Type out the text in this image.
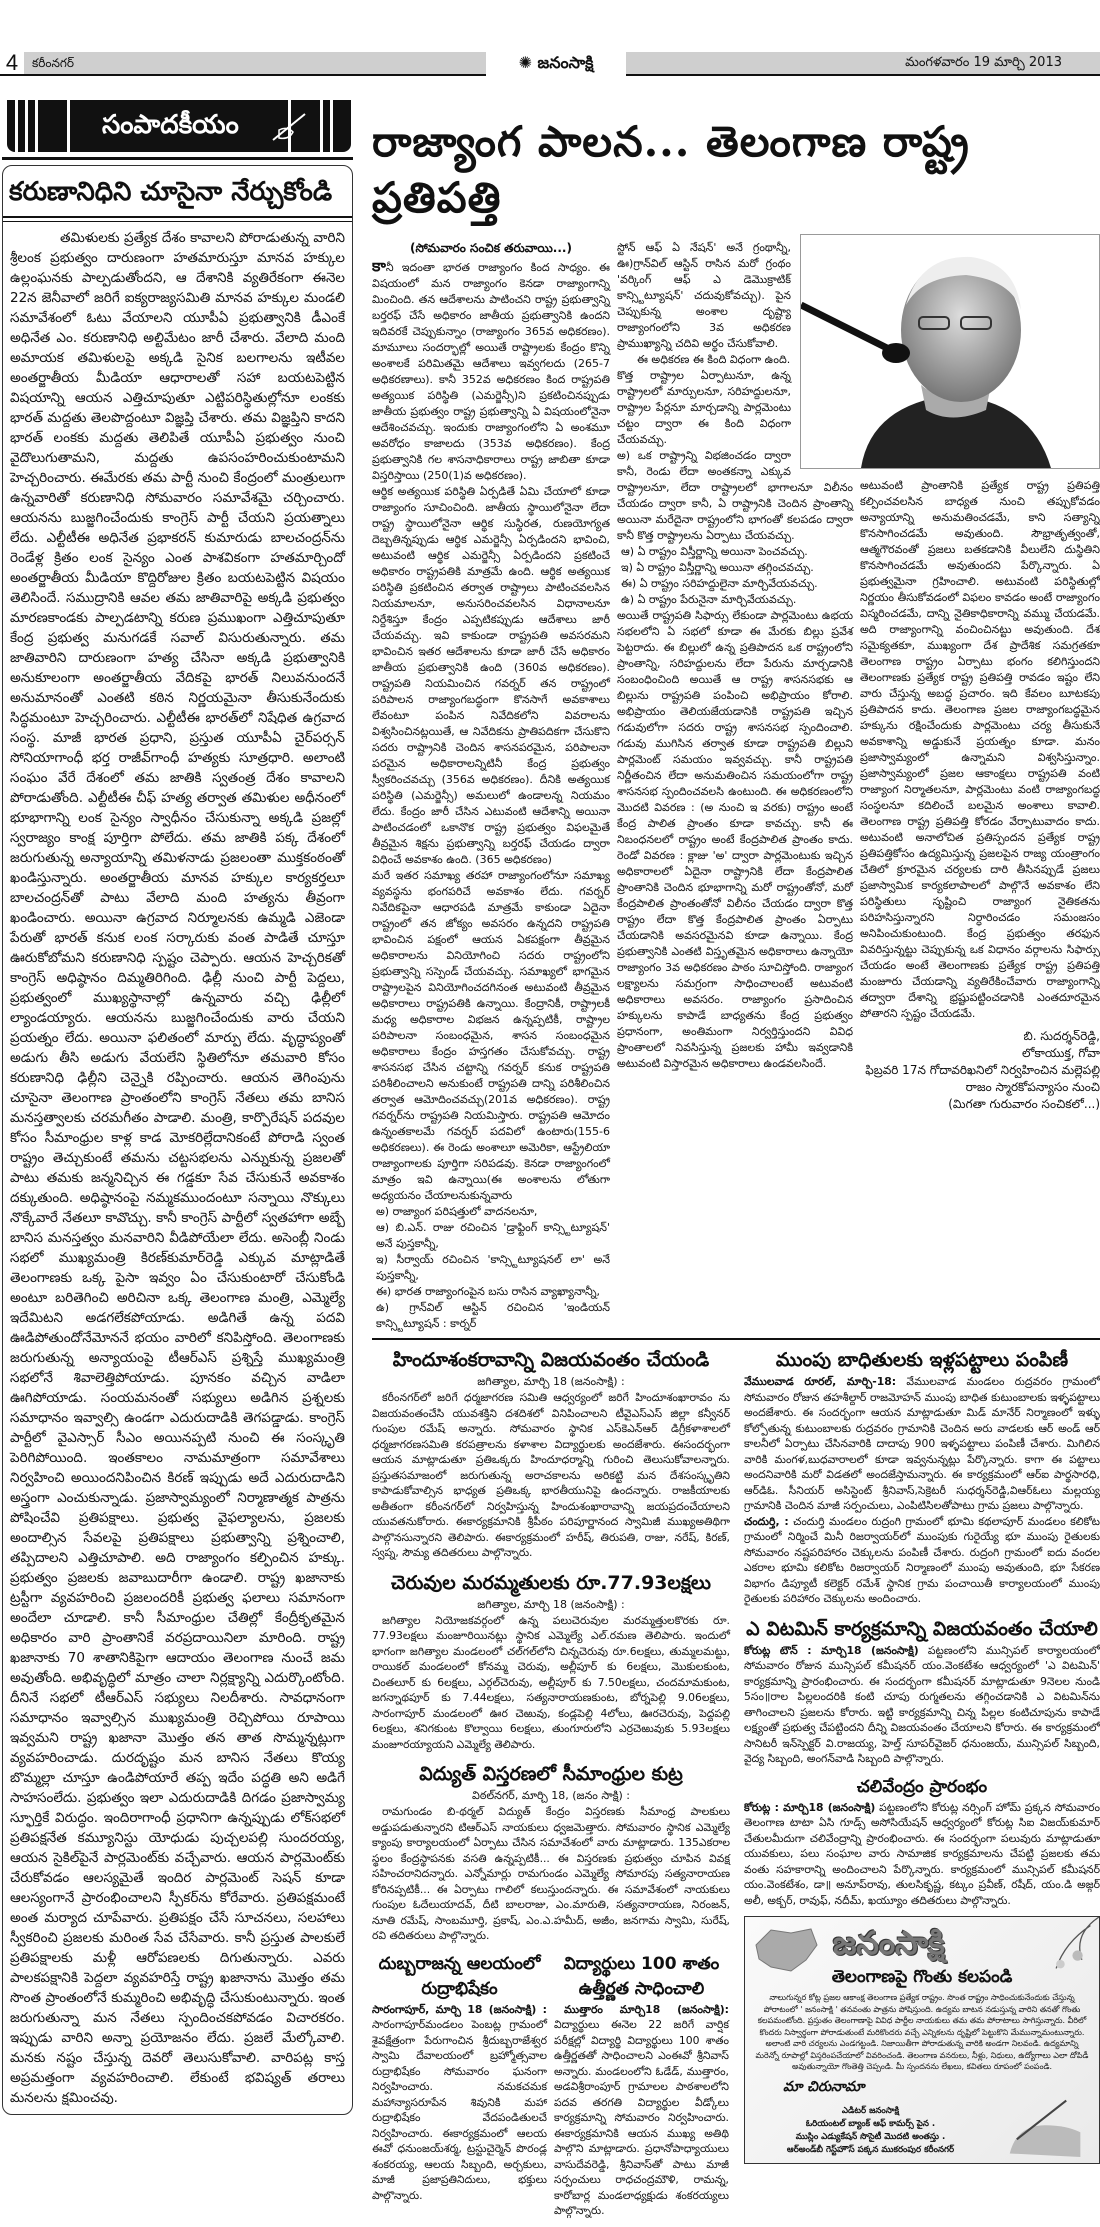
4	కరీంనగర్	✺ జనంసాక్షి	మంగళవారం 19 మార్చి 2013
సంపాదకీయం
కరుణానిధిని చూసైనా నేర్చుకోండి

తమిళులకు ప్రత్యేక దేశం కావాలని పోరాడుతున్న వారిని శ్రీలంక ప్రభుత్వం దారుణంగా హతమారుస్తూ మానవ హక్కుల ఉల్లంఘనకు పాల్పడుతోందని, ఆ దేశానికి వ్యతిరేకంగా ఈనెల 22న జెనీవాలో జరిగే ఐక్యరాజ్యసమితి మానవ హక్కుల మండలి సమావేశంలో ఓటు వేయాలని యూపీఏ ప్రభుత్వానికి డీఎంకే అధినేత ఎం. కరుణానిధి అల్టిమేటం జారీ చేశారు. వేలాది మంది అమాయక తమిళులపై అక్కడి సైనిక బలగాలను ఇటీవల అంతర్జాతీయ మీడియా ఆధారాలతో సహా బయటపెట్టిన విషయాన్ని ఆయన ఎత్తిచూపుతూ ఎట్టిపరిస్థితుల్లోనూ లంకకు భారత్ మద్దతు తెలపొద్దంటూ విజ్ఞప్తి చేశారు. తమ విజ్ఞప్తిని కాదని భారత్ లంకకు మద్దతు తెలిపితే యూపీఏ ప్రభుత్వం నుంచి వైదొలుగుతామని, మద్దతు ఉపసంహరించుకుంటామని హెచ్చరించారు. ఈమేరకు తమ పార్టీ నుంచి కేంద్రంలో మంత్రులుగా ఉన్నవారితో కరుణానిధి సోమవారం సమావేశమై చర్చించారు. ఆయనను బుజ్జగించేందుకు కాంగ్రెస్ పార్టీ చేయని ప్రయత్నాలు లేదు. ఎల్టీటీఈ అధినేత ప్రభాకరన్ కుమారుడు బాలచంద్రన్‌ను రెండేళ్ల క్రితం లంక సైన్యం ఎంత పాశవికంగా హతమార్చిందో అంతర్జాతీయ మీడియా కొద్దిరోజుల క్రితం బయటపెట్టిన విషయం తెలిసిందే. సముద్రానికి ఆవల తమ జాతివారిపై అక్కడి ప్రభుత్వం మారణకాండకు పాల్పడటాన్ని కరుణ ప్రముఖంగా ఎత్తిచూపుతూ కేంద్ర ప్రభుత్వ మనుగడకే సవాల్ విసురుతున్నారు. తమ జాతివారిని దారుణంగా హత్య చేసినా అక్కడి ప్రభుత్వానికి అనుకూలంగా అంతర్జాతీయ వేదికపై భారత్ నిలువనుందనే అనుమానంతో ఎంతటి కఠిన నిర్ణయమైనా తీసుకునేందుకు సిద్ధమంటూ హెచ్చరించారు. ఎల్టీటీఈ భారత్‌లో నిషేధిత ఉగ్రవాద సంస్థ. మాజీ భారత ప్రధాని, ప్రస్తుత యూపీఏ చైర్‌పర్సన్ సోనియాగాంధీ భర్త రాజీవ్‌గాంధీ హత్యకు సూత్రధారి. అలాంటి సంఘం వేరే దేశంలో తమ జాతికి స్వతంత్ర దేశం కావాలని పోరాడుతోంది. ఎల్టీటీఈ చీఫ్ హత్య తర్వాత తమిళుల అధీనంలో భూభాగాన్ని లంక సైన్యం స్వాధీనం చేసుకున్నా అక్కడి ప్రజల్లో స్వరాజ్యం కాంక్ష పూర్తిగా పోలేదు. తమ జాతికి పక్క దేశంలో జరుగుతున్న అన్యాయాన్ని తమిళనాడు ప్రజలంతా ముక్తకంఠంతో ఖండిస్తున్నారు. అంతర్జాతీయ మానవ హక్కుల కార్యకర్తలూ బాలచంద్రన్‌తో పాటు వేలాది మంది హత్యను తీవ్రంగా ఖండించారు. అయినా ఉగ్రవాద నిర్మూలనకు ఉమ్మడి ఎజెండా పేరుతో భారత్ కనుక లంక సర్కారుకు వంత పాడితే చూస్తూ ఊరుకోబోమని కరుణానిధి స్పష్టం చెప్పారు. ఆయన హెచ్చరికతో కాంగ్రెస్ అధిష్ఠానం దిమ్మతిరిగింది. ఢిల్లీ నుంచి పార్టీ పెద్దలు, ప్రభుత్వంలో ముఖ్యస్థానాల్లో ఉన్నవారు వచ్చి ఢిల్లీలో ల్యాండయ్యారు. ఆయనను బుజ్జగించేందుకు వారు చేయని ప్రయత్నం లేదు. అయినా ఫలితంలో మార్పు లేదు. వృద్ధాప్యంతో అడుగు తీసి అడుగు వేయలేని స్థితిలోనూ తమవారి కోసం కరుణానిధి ఢిల్లీని చెన్నైకి రప్పించారు. ఆయన తెగింపును చూసైనా తెలంగాణ ప్రాంతంలోని కాంగ్రెస్ నేతలు తమ బానిస మనస్తత్వాలకు చరమగీతం పాడాలి. మంత్రి, కార్పొరేషన్ పదవుల కోసం సీమాంధ్రుల కాళ్ల కాడ మోకరిల్లేదానికంటే పోరాడి స్వంత రాష్ట్రం తెచ్చుకుంటే తమను చట్టసభలను ఎన్నుకున్న ప్రజలతో పాటు తమకు జన్మనిచ్చిన ఈ గడ్డకూ సేవ చేసుకునే అవకాశం దక్కుతుంది. అధిష్ఠానంపై నమ్మకముందంటూ సన్నాయి నొక్కులు నొక్కేవారే నేతలూ కావొచ్చు. కానీ కాంగ్రెస్ పార్టీలో స్వతహాగా అబ్బే బానిస మనస్తత్వం మనవారిని వీడిపోయేలా లేదు. అసెంబ్లీ నిండు సభలో ముఖ్యమంత్రి కిరణ్‌కుమార్‌రెడ్డి ఎక్కువ మాట్లాడితే తెలంగాణకు ఒక్క పైసా ఇవ్వం ఏం చేసుకుంటారో చేసుకోండి అంటూ బరితెగించి అరిచినా ఒక్క తెలంగాణ మంత్రి, ఎమ్మెల్యే ఇదేమిటని అడగలేకపోయాడు. అడిగితే ఉన్న పదవి ఊడిపోతుందోనేమోననే భయం వారిలో కనిపిస్తోంది. తెలంగాణకు జరుగుతున్న అన్యాయంపై టీఆర్‌ఎస్ ప్రశ్నిస్తే ముఖ్యమంత్రి సభలోనే శివాలెత్తిపోయాడు. పూనకం వచ్చిన వాడిలా ఊగిపోయాడు. సంయమనంతో సభ్యులు అడిగిన ప్రశ్నలకు సమాధానం ఇవ్వాల్సి ఉండగా ఎదురుదాడికి తెగపడ్డాడు. కాంగ్రెస్ పార్టీలో వైఎస్సార్ సీఎం అయినప్పటి నుంచి ఈ సంస్కృతి పెరిగిపోయింది. ఇంతకాలం నామమాత్రంగా సమావేశాలు నిర్వహించి అయిందనిపించిన కిరణ్ ఇప్పుడు అదే ఎదురుదాడిని అస్త్రంగా ఎంచుకున్నాడు. ప్రజాస్వామ్యంలో నిర్మాణాత్మక పాత్రను పోషించేవి ప్రతిపక్షాలు. ప్రభుత్వ వైఫల్యాలను, ప్రజలకు అందాల్సిన సేవలపై ప్రతిపక్షాలు ప్రభుత్వాన్ని ప్రశ్నించాలి, తప్పిదాలని ఎత్తిచూపాలి. అది రాజ్యాంగం కల్పించిన హక్కు. ప్రభుత్వం ప్రజలకు జవాబుదారీగా ఉండాలి. రాష్ట్ర ఖజానాకు ట్రస్టీగా వ్యవహరించి ప్రజలందరికీ ప్రభుత్వ ఫలాలు సమానంగా అందేలా చూడాలి. కానీ సీమాంధ్రుల చేతిల్లో కేంద్రీకృతమైన అధికారం వారి ప్రాంతానికే వరప్రదాయినిలా మారింది. రాష్ట్ర ఖజానాకు 70 శాతానికిపైగా ఆదాయం తెలంగాణ నుంచే జమ అవుతోంది. అభివృద్ధిలో మాత్రం చాలా నిర్లక్ష్యాన్ని ఎదుర్కొంటోంది. దీనినే సభలో టీఆర్‌ఎస్ సభ్యులు నిలదీశారు. సావధానంగా సమాధానం ఇవ్వాల్సిన ముఖ్యమంత్రి రెచ్చిపోయి రూపాయి ఇవ్వమని రాష్ట్ర ఖజానా మొత్తం తన తాత సొమ్మన్నట్లుగా వ్యవహరించాడు. దురదృష్టం మన బానిస నేతలు కొయ్య బొమ్మల్లా చూస్తూ ఉండిపోయారే తప్ప ఇదేం పద్ధతి అని అడిగే సాహసంలేదు. ప్రభుత్వం ఇలా ఎదురుదాడికి దిగడం ప్రజాస్వామ్య స్ఫూర్తికే విరుద్ధం. ఇందిరాగాంధీ ప్రధానిగా ఉన్నప్పుడు లోక్‌సభలో ప్రతిపక్షనేత కమ్యూనిస్టు యోధుడు పుచ్చలపల్లి సుందరయ్య, ఆయన సైకిల్‌పైనే పార్లమెంట్‌కు వచ్చేవారు. ఆయన పార్లమెంట్‌కు చేరుకోవడం ఆలస్యమైతే ఇందిర పార్లమెంట్ సెషన్ కూడా ఆలస్యంగానే ప్రారంభించాలని స్పీకర్‌ను కోరేవారు. ప్రతిపక్షమంటే అంత మర్యాద చూపేవారు. ప్రతిపక్షం చేసే సూచనలు, సలహాలు స్వీకరించి ప్రజలకు మరింత సేవ చేసేవారు. కానీ ప్రస్తుత పాలకులే ప్రతిపక్షాలకు మళ్లీ ఆరోపణలకు దిగుతున్నారు. ఎవరు పాలకపక్షానికి పెద్దలా వ్యవహరిస్తే రాష్ట్ర ఖజానాను మొత్తం తమ సొంత ప్రాంతంలోనే కుమ్మరించి అభివృద్ధి చేసుకుంటున్నారు. ఇంత జరుగుతున్నా మన నేతలు స్పందించకపోవడం విచారకరం. ఇప్పుడు వారిని అన్నా ప్రయోజనం లేదు. ప్రజలే మేల్కోవాలి. మనకు నష్టం చేస్తున్న దెవరో తెలుసుకోవాలి. వారిపట్ల కాస్త అప్రమత్తంగా వ్యవహరించాలి. లేకుంటే భవిష్యత్ తరాలు మనలను క్షమించవు.

రాజ్యాంగ పాలన... తెలంగాణ రాష్ట్ర ప్రతిపత్తి

(సోమవారం సంచిక తరువాయి...)

కానీ ఇదంతా భారత రాజ్యాంగం కింద సాధ్యం. ఈ విషయంలో మన రాజ్యాంగం కెనడా రాజ్యాంగాన్ని మించింది. తన ఆదేశాలను పాటించని రాష్ట్ర ప్రభుత్వాన్ని బర్తరఫ్ చేసే అధికారం జాతీయ ప్రభుత్వానికి ఉందని ఇదివరకే చెప్పుకున్నాం (రాజ్యాంగం 365వ అధికరణం). మామూలు సందర్భాల్లో అయితే రాష్ట్రాలకు కేంద్రం కొన్ని అంశాలకే పరిమితమై ఆదేశాలు ఇవ్వగలదు (265-7 అధికరణాలు). కానీ 352వ అధికరణం కింద రాష్ట్రపతి అత్యయిక పరిస్థితి (ఎమర్జెన్సీ)ని ప్రకటించినప్పుడు జాతీయ ప్రభుత్వం రాష్ట్ర ప్రభుత్వాన్ని ఏ విషయంలోనైనా ఆదేశించవచ్చు. ఇందుకు రాజ్యాంగంలోని ఏ అంశమూ అవరోధం కాజాలదు (353వ అధికరణం). కేంద్ర ప్రభుత్వానికి గల శాసనాధికారాలు రాష్ట్ర జాబితా కూడా విస్తరిస్తాయి (250(1)వ అధికరణం).

ఆర్థిక అత్యయిక పరిస్థితి ఏర్పడితే ఏమి చేయాలో కూడా రాజ్యాంగం సూచించింది. జాతీయ స్థాయిలోనైనా లేదా రాష్ట్ర స్థాయిలోనైనా ఆర్థిక సుస్థిరత, రుణయోగ్యత దెబ్బతిన్నప్పుడు ఆర్థిక ఎమర్జెన్సీ ఏర్పడిందని భావించి, అటువంటి ఆర్థిక ఎమర్జెన్సీ ఏర్పడిందని ప్రకటించే అధికారం రాష్ట్రపతికి మాత్రమే ఉంది. ఆర్థిక అత్యయిక పరిస్థితి ప్రకటించిన తర్వాత రాష్ట్రాలు పాటించవలసిన నియమాలనూ, అనుసరించవలసిన విధానాలనూ నిర్దేశిస్తూ కేంద్రం ఎప్పటికప్పుడు ఆదేశాలు జారీ చేయవచ్చు. ఇవి కాకుండా రాష్ట్రపతి అవసరమని భావించిన ఇతర ఆదేశాలను కూడా జారీ చేసే అధికారం జాతీయ ప్రభుత్వానికి ఉంది (360వ అధికరణం). రాష్ట్రపతి నియమించిన గవర్నర్ తన రాష్ట్రంలో పరిపాలన రాజ్యాంగబద్ధంగా కొనసాగే అవకాశాలు లేవంటూ పంపిన నివేదికలోని వివరాలను విశ్వసించినట్లయితే, ఆ నివేదికను ప్రాతిపదికగా చేసుకొని సదరు రాష్ట్రానికి చెందిన శాసనపరమైన, పరిపాలనా పరమైన అధికారాలన్నిటినీ కేంద్ర ప్రభుత్వం స్వీకరించవచ్చు (356వ అధికరణం). దీనికి అత్యయిక పరిస్థితి (ఎమర్జెన్సీ) అమలులో ఉండాలన్న నియమం లేదు. కేంద్రం జారీ చేసిన ఎటువంటి ఆదేశాన్ని అయినా పాటించడంలో ఒకానొక రాష్ట్ర ప్రభుత్వం విఫలమైతే తీవ్రమైన శిక్షను ప్రభుత్వాన్ని బర్తరఫ్ చేయడం ద్వారా విధించే అవకాశం ఉంది. (365 అధికరణం)

మరే ఇతర సమాఖ్య తరహా రాజ్యాంగంలోనూ సమాఖ్య వ్యవస్థను భంగపరిచే అవకాశం లేదు. గవర్నర్ నివేదికపైనా ఆధారపడి మాత్రమే కాకుండా ఏదైనా రాష్ట్రంలో తన జోక్యం అవసరం ఉన్నదని రాష్ట్రపతి భావించిన పక్షంలో ఆయన ఏకపక్షంగా తీవ్రమైన అధికారాలను వినియోగించి సదరు రాష్ట్రంలోని ప్రభుత్వాన్ని సస్పెండ్ చేయవచ్చు. సమాఖ్యలో భాగమైన రాష్ట్రాలపైన వినియోగించదగినంత అటువంటి తీవ్రమైన అధికారాలు రాష్ట్రపతికి ఉన్నాయి. కేంద్రానికీ, రాష్ట్రాలకీ మధ్య అధికారాల విభజన ఉన్నప్పటికీ, రాష్ట్రాల పరిపాలనా సంబంధమైన, శాసన సంబంధమైన అధికారాలు కేంద్రం హస్తగతం చేసుకోవచ్చు. రాష్ట్ర శాసనసభ చేసిన చట్టాన్ని గవర్నర్ కనుక రాష్ట్రపతి పరిశీలించాలని అనుకుంటే రాష్ట్రపతి దాన్ని పరిశీలించిన తర్వాత ఆమోదించవచ్చు(201వ అధికరణం). రాష్ట్ర గవర్నర్‌ను రాష్ట్రపతి నియమిస్తారు. రాష్ట్రపతి ఆమోదం ఉన్నంతకాలమే గవర్నర్ పదవిలో ఉంటారు(155-6 అధికరణలు). ఈ రెండు అంశాలూ అమెరికా, ఆస్ట్రేలియా రాజ్యాంగాలకు పూర్తిగా సరిపడవు. కెనడా రాజ్యాంగంలో మాత్రం ఇవి ఉన్నాయి(ఈ అంశాలను లోతుగా అధ్యయనం చేయాలనుకున్నవారు

అ) రాజ్యాంగ పరిషత్తులో వాదనలనూ,

ఆ) బి.ఎన్. రాజు రచించిన 'డ్రాఫ్టింగ్ కాన్స్టిట్యూషన్' అనే పుస్తకాన్నీ,

ఇ) సీర్వాయ్ రచించిన 'కాన్స్టిట్యూషనల్ లా' అనే పుస్తకాన్నీ,

ఈ) భారత రాజ్యాంగంపైన బసు రాసిన వ్యాఖ్యానాన్నీ,

ఉ) గ్రాన్‌విల్ ఆస్టిన్ రచించిన 'ఇండియన్ కాన్స్టిట్యూషన్ : కార్నర్

స్టోన్ ఆఫ్ ఏ నేషన్' అనే గ్రంథాన్నీ, ఊ)గ్రాన్‌విల్ ఆస్టిన్ రాసిన మరో గ్రంథం 'వర్కింగ్ ఆఫ్ ఎ డెమొక్రాటిక్ కాన్స్టిట్యూషన్' చదువుకోవచ్చు). పైన చెప్పుకున్న అంశాల దృష్ట్యా రాజ్యాంగంలోని 3వ అధికరణ ప్రాముఖ్యాన్ని చదివి అర్థం చేసుకోవాలి.

ఈ అధికరణ ఈ కింది విధంగా ఉంది.

కొత్త రాష్ట్రాల ఏర్పాటునూ, ఉన్న రాష్ట్రాలలో మార్పులనూ, సరిహద్దులనూ, రాష్ట్రాల పేర్లనూ మార్చడాన్ని పార్లమెంటు చట్టం ద్వారా ఈ కింది విధంగా చేయవచ్చు.

అ) ఒక రాష్ట్రాన్ని విభజించడం ద్వారా కానీ, రెండు లేదా అంతకన్నా ఎక్కువ రాష్ట్రాలనూ, లేదా రాష్ట్రాలలో భాగాలనూ విలీనం చేయడం ద్వారా కానీ, ఏ రాష్ట్రానికి చెందిన ప్రాంతాన్ని అయినా మరేదైనా రాష్ట్రంలోని భాగంతో కలపడం ద్వారా కానీ కొత్త రాష్ట్రాలను ఏర్పాటు చేయవచ్చు.

ఆ) ఏ రాష్ట్రం విస్తీర్ణాన్ని అయినా పెంచవచ్చు.

ఇ) ఏ రాష్ట్రం విస్తీర్ణాన్ని అయినా తగ్గించవచ్చు.

ఈ) ఏ రాష్ట్రం సరిహద్దులైనా మార్చివేయవచ్చు.

ఉ) ఏ రాష్ట్రం పేరునైనా మార్చివేయవచ్చు.

అయితే రాష్ట్రపతి సిఫార్సు లేకుండా పార్లమెంటు ఉభయ సభలలోని ఏ సభలో కూడా ఈ మేరకు బిల్లు ప్రవేశ పెట్టరాదు. ఈ బిల్లులో ఉన్న ప్రతిపాదన ఒక రాష్ట్రంలోని ప్రాంతాన్ని, సరిహద్దులను లేదా పేరును మార్చడానికి సంబంధించింది అయితే ఆ రాష్ట్ర శాసనసభకు ఆ బిల్లును రాష్ట్రపతి పంపించి అభిప్రాయం కోరాలి. అభిప్రాయం తెలియజేయడానికి రాష్ట్రపతి ఇచ్చిన గడువులోగా సదరు రాష్ట్ర శాసనసభ స్పందించాలి. గడువు ముగిసిన తర్వాత కూడా రాష్ట్రపతి బిల్లుని పార్లమెంట్ సమయం ఇవ్వవచ్చు. కానీ రాష్ట్రపతి నిర్ణీతంచిన లేదా అనుమతించిన సమయంలోగా రాష్ట్ర శాసనసభ స్పందించవలసి ఉంటుంది. ఈ అధికరణంలోని మొదటి వివరణ : (అ నుంచి ఇ వరకు) రాష్ట్రం అంటే కేంద్ర పాలిత ప్రాంతం కూడా కావచ్చు. కానీ ఈ నిబంధనలలో రాష్ట్రం అంటే కేంద్రపాలిత ప్రాంతం కాదు. రెండో వివరణ : క్లాజు 'అ' ద్వారా పార్లమెంటుకు ఇచ్చిన అధికారాలలో ఏదైనా రాష్ట్రానికి లేదా కేంద్రపాలిత ప్రాంతానికి చెందిన భూభాగాన్ని మరో రాష్ట్రంతోనో, మరో కేంద్రపాలిత ప్రాంతంతోనో విలీనం చేయడం ద్వారా కొత్త రాష్ట్రం లేదా కొత్త కేంద్రపాలిత ప్రాంతం ఏర్పాటు చేయడానికి అవసరమైనవి కూడా ఉన్నాయి. కేంద్ర ప్రభుత్వానికి ఎంతటి విస్తృతమైన అధికారాలు ఉన్నాయో రాజ్యాంగం 3వ అధికరణం పాఠం సూచిస్తోంది. రాజ్యాంగ లక్ష్యాలను సమగ్రంగా సాధించాలంటే అటువంటి అధికారాలు అవసరం. రాజ్యాంగం ప్రసాదించిన హక్కులను కాపాడే బాధ్యతను కేంద్ర ప్రభుత్వం ప్రధానంగా, అంతిమంగా నిర్వర్తిస్తుందని వివిధ ప్రాంతాలలో నివసిస్తున్న ప్రజలకు హామీ ఇవ్వడానికి అటువంటి విస్తారమైన అధికారాలు ఉండవలసిందే.

అటువంటి ప్రాంతానికి ప్రత్యేక రాష్ట్ర ప్రతిపత్తి కల్పించవలసిన బాధ్యత నుంచి తప్పుకోవడం అన్యాయాన్ని అనుమతించడమే, కాని సత్యాన్ని కొనసాగించడమే అవుతుంది. సౌభ్రాతృత్వంతో, ఆత్మగౌరవంతో ప్రజలు బతకడానికి వీలులేని దుస్థితిని కొనసాగించడమే అవుతుందని పేర్కొన్నారు. ఏ ప్రభుత్వమైనా గ్రహించాలి. అటువంటి పరిస్థితుల్లో నిర్ణయం తీసుకోవడంలో విఫలం కావడం అంటే రాజ్యాంగం విస్మరించడమే, దాన్ని నైతికాధికారాన్ని వమ్ము చేయడమే. అది రాజ్యాంగాన్ని వంచించినట్టు అవుతుంది. దేశ సమైక్యతకూ, ముఖ్యంగా దేశ ప్రాదేశిక సమగ్రతకూ తెలంగాణ రాష్ట్రం ఏర్పాటు భంగం కలిగిస్తుందని తెలంగాణకు ప్రత్యేక రాష్ట్ర ప్రతిపత్తి రావడం ఇష్టం లేని వారు చేస్తున్న అబద్ధ ప్రచారం. ఇది కేవలం బూటకపు ప్రతిపాదన కాదు. తెలంగాణ ప్రజల రాజ్యాంగబద్ధమైన హక్కును రక్షించేందుకు పార్లమెంటు చర్య తీసుకునే అవకాశాన్ని అడ్డుకునే ప్రయత్నం కూడా. మనం ప్రజాస్వామ్యంలో ఉన్నామని విశ్వసిస్తున్నాం. ప్రజాస్వామ్యంలో ప్రజల ఆకాంక్షలు రాష్ట్రపతి వంటి రాజ్యాంగ నిర్మాతలనూ, పార్లమెంటు వంటి రాజ్యాంగబద్ధ సంస్థలనూ కదిలించే బలమైన అంశాలు కావాలి. తెలంగాణ రాష్ట్ర ప్రతిపత్తి కోరడం వేర్పాటువాదం కాదు. అటువంటి అనాలోచిత ప్రతిస్పందన ప్రత్యేక రాష్ట్ర ప్రతిపత్తికోసం ఉద్యమిస్తున్న ప్రజలపైన రాజ్య యంత్రాంగం చేతిలో క్రూరమైన చర్యలకు దారి తీసినప్పుడే ప్రజలు ప్రజాస్వామిక కార్యకలాపాలలో పాల్గొనే అవకాశం లేని పరిస్థితులు సృష్టించి రాజ్యాంగ నైతికతను పరిహసిస్తున్నారని నిర్ధారించడం సమంజసం అనిపించుకుంటుంది. కేంద్ర ప్రభుత్వం తరఫున వివరిస్తున్నట్టు చెప్పుకున్న ఒక విధానం వర్గాలను సిఫార్సు చేయడం అంటే తెలంగాణకు ప్రత్యేక రాష్ట్ర ప్రతిపత్తి మంజూరు చేయడాన్ని వ్యతిరేకించేవారు రాజ్యాంగాన్ని తద్వారా దేశాన్ని భ్రష్టుపట్టించడానికి ఎంతదూరమైన పోతారని స్పష్టం చేయడమే.

బి. సుదర్శన్‌రెడ్డి,

లోకాయుక్త, గోవా

ఫిబ్రవరి 17న గోదావరిఖనిలో నిర్వహించిన మల్లెపల్లి రాజం స్మారకోపన్యాసం నుంచి

(మిగతా గురువారం సంచికలో...)

హిందూశంకరావాన్ని విజయవంతం చేయండి
జగిత్యాల, మార్చి 18 (జనంసాక్షి) :

కరీంనగర్‌లో జరిగే ధర్మజాగరణ సమితి ఆధ్వర్యంలో జరిగే హిందూశంఖారావం ను విజయవంతంచేసి యువశక్తిని దశదిశలో వినిపించాలని టీవైఎస్ఎస్ జిల్లా కన్వీనర్ గుంపుల రమేష్ అన్నారు. సోమవారం స్థానిక ఎస్‌కెఎన్‌ఆర్ డిగ్రీకళాశాలలో ధర్మజాగరణసమితి కరపత్రాలను కళాశాల విద్యార్థులకు అందజేశారు. ఈసందర్భంగా ఆయన మాట్లాడుతూ ప్రతిఒక్కరు హిందూధర్మాన్ని గురించి తెలుసుకోవాలన్నారు. ప్రస్తుతసమాజంలో జరుగుతున్న అరాచకాలను అరికట్టి మన దేశసంస్కృతిని కాపాడుకోవాల్సిన భాధ్యత ప్రతిఒక్క భారతీయునిపై ఉందన్నారు. రాజకీయాలకు అతీతంగా కరీంనగర్‌లో నిర్వహిస్తున్న హిందుశంఖారావాన్ని జయప్రదంచేయాలని యువతనుకోరారు. ఈకార్యక్రమానికి శ్రీపీఠం పరిపూర్ణానంద స్వామిజీ ముఖ్యఅతిథిగా పాల్గొనసున్నారని తెలిపారు. ఈకార్యక్రమంలో హరీష్, తిరుపతి, రాజు, నరేష్, కిరణ్, స్వప్న, సౌమ్య తదితరులు పాల్గొన్నారు.

చెరువుల మరమ్మతులకు రూ.77.93లక్షలు
జగిత్యాల, మార్చి 18 (జనంసాక్షి) :

జగిత్యాల నియోజకవర్గంలో ఉన్న పలుచెరువుల మరమ్మత్తులకొరకు రూ. 77.93లక్షలు మంజూరియినట్లు స్థానిక ఎమ్మెల్యే ఎల్.రమణ తెలిపారు. ఇందులో భాగంగా జగిత్యాల మండలంలో చల్‌గల్‌లోని చిన్నచెరువు రూ.6లక్షలు, తుమ్మలమట్టు, రాయికల్ మండలంలో కోనమ్మ చెరువు, అల్లీపూర్ కు 6లక్షలు, మొకులకుంట, చింతలూర్ కు 6లక్షలు, ఎర్గల్‌చెరువు, అల్లీపూర్ కు 7.50లక్షలు, చందమామకుంట, జగన్నాథపూర్ కు 7.44లక్షలు, సత్యనారాయణకుంట, బోర్నపెల్లి 9.06లక్షలు, సారంగాపూర్ మండలంలో ఊర చెఱువు, కండ్లపెల్లి 4లోలు, ఊరచెరువు, పెద్దపల్లి 6లక్షలు, శనిగకుంట కొల్వాయి 6లక్షలు, తుంగూరులోని ఎర్రచెఱువుకు 5.93లక్షలు మంజూరయ్యాయని ఎమ్మెల్యే తెలిపారు.

విద్యుత్ విస్తరణలో సీమాంధ్రుల కుట్ర
విఠల్‌నగర్, మార్చి 18, (జనం సాక్షి) :

రామగుండం బి-థర్మల్ విద్యుత్ కేంద్రం విస్తరణకు సీమాంధ్ర పాలకులు అడ్డుపడుతున్నారని టిఆర్‌ఎస్ నాయకులు ధ్వజమెత్తారు. సోమవారం స్థానిక ఎమ్మెల్యే క్యాంపు కార్యాలయంలో ఏర్పాటు చేసిన సమావేశంలో వారు మాట్లాడారు. 135ఎకరాల స్థలం కేంద్రస్థాపనకు వసతి ఉన్నప్పటికీ... ఈ విస్తరణకు ప్రభుత్వం చూపిన వివక్ష సహించరానిదన్నారు. ఎన్నోమార్లు రామగుండం ఎమ్మెల్యే సోమారపు సత్యనారాయణ కోరినప్పటికీ... ఈ ఏర్పాటు గాలిలో కలుస్తుందన్నారు. ఈ సమావేశంలో నాయకులు గుంపుల ఓదేలుయాదవ్, దీటి బాలరాజు, ఎం.మారుతి, సత్యనారాయణ, నిరంజన్, నూతి రమేష్, సాంబమూర్తి, ప్రకాష్, ఎం.ఎ.హమీద్, అజీం, జనగామ స్వామి, సురేష్, రవి తదితరులు పాల్గొన్నారు.

దుబ్బరాజన్న ఆలయంలో రుద్రాభిషేకం

సారంగాపూర్, మార్చి 18 (జనంసాక్షి) : సారంగాపూర్‌మండలం పెంబట్ల గ్రామంలో శైవక్షేత్రంగా పేరుగాంచిన శ్రీదుబ్బరాజేశ్వర స్వామి దేవాలయంలో బ్రహ్మోత్సవాల రుద్రాభిషేకం సోమవారం ఘనంగా నిర్వహించారు. నమకచమక మహాన్యాసరూపేన శివునికి మహా రుద్రాభిషేకం వేదపండితులచే నిర్వహించారు. ఈకార్యక్రమంలో ఆలయ ఈవో ధనుంజయ్‌శర్మ, ట్రస్టుచైర్మెన్ పొరండ్ల శంకరయ్య, ఆలయ సిబ్బంది, అర్చకులు, మాజీ ప్రజాప్రతినిదులు, భక్తులు పాల్గొన్నారు.

విద్యార్థులు 100 శాతం ఉత్తీర్ణత సాధించాలి

ముత్తారం మార్చి18 (జనంసాక్షి): విద్యార్థులు ఈనెల 22 జరిగే వార్షిక పరీక్షల్లో విద్యార్థి విద్యార్థులు 100 శాతం ఉత్తీర్ణతతో సాధించాలని ఎంఈవో శ్రీనివాస్ అన్నారు. మండలంలోని ఓడేడ్, ముత్తారం, అడవిశ్రీరాంపూర్ గ్రామాలల పాఠశాలలోని పదవ తరగతి విద్యార్థుల వీడ్కోలు కార్యక్రమాన్ని సోమవారం నిర్వహించారు. ఈకార్యక్రమానికి ఆయన ముఖ్య అతిథి పాల్గొని మాట్లాడారు. ప్రధానోపాధ్యాయులు వాసుదేవరెడ్డి, శ్రీనివాస్‌తో పాటు మాజీ సర్పంచులు రాధచంద్రమౌళి, రామన్న, కారోబార్ల మండలాధ్యక్షుడు శంకరయ్యలు పాల్గొన్నారు.

ముంపు బాధితులకు ఇళ్లపట్టాలు పంపిణీ

వేములవాడ రూరల్, మార్చి-18: వేములవాడ మండలం రుద్రవరం గ్రామంలో సోమవారం రోజున తహశీల్దార్ రాజమోహన్ ముంపు బాధిత కుటుంబాలకు ఇళ్ళపట్టాలు అందజేశారు. ఈ సందర్భంగా ఆయన మాట్లాడుతూ మిడ్ మానేర్ నిర్మాణంలో ఇళ్ళు కోల్పోతున్న కుటుంబాలకు రుద్రవరం గ్రామానికి చెందిన అరు వాడలకు ఆర్ అండ్ ఆర్ కాలనీలో ఏర్పాటు చేసినవారికి దాదాపు 900 ఇళ్ళపట్టాలు పంపిణీ చేశారు. మిగిలిన వారికి మంగళ,బుధవారాలలో కూడా ఇవ్వనున్నట్లు పేర్కొన్నారు. కాగా ఈ పట్టాలు అందనివారికి మరో విడతలో అందజేస్తామన్నారు. ఈ కార్యక్రమంలో ఆర్‌ఐ పార్థసారధి, ఆర్‌డిఓ. సీనియర్ అసిస్టెంట్ శ్రీనివాస్,సెక్రెటరీ సుధర్శన్‌రెడ్డి,విఆర్‌ఓలు మల్లయ్య గ్రామానికి చెందిన మాజీ సర్పంచులు, ఎంపిటిసిలతోపాటు గ్రామ ప్రజలు పాల్గొన్నారు.

చందుర్తి, : చందుర్తి మండలం రుద్రంగి గ్రామంలో భూమి కథలాపూర్ మండలం కలికోట గ్రామంలో నిర్మించే మినీ రిజర్వాయర్‌లో ముంపుకు గురైయ్యే భూ ముంపు రైతులకు సోమవారం నష్టపరిహారం చెక్కులను పంపిణీ చేశారు. రుద్రంగి గ్రామంలో ఐదు వందల ఎకరాల భూమి కలికోట రిజర్వాయర్ నిర్మాణంలో ముంపు అవుతుంది, భూ సేకరణ విభాగం డిప్యూటీ కలెక్టర్ రమేశ్ స్థానిక గ్రామ పంచాయితీ కార్యాలయంలో ముంపు రైతులకు పరిహారం చెక్కులను అందించారు.

ఎ విటమిన్ కార్యక్రమాన్ని విజయవంతం చేయాలి

కోరుట్ల టౌన్ : మార్చి18 (జనంసాక్షి) పట్టణంలోని మున్సిపల్ కార్యాలయంలో సోమవారం రోజున మున్సిపల్ కమీషనర్ యం.వెంకటేశం ఆధ్వర్యంలో 'ఎ విటమిన్' కార్యక్రమాన్ని ప్రారంభించారు. ఈ సందర్భంగా కమీషనర్ మాట్లాడుతూ 9నెలల నుండి 5సం॥రాల పిల్లలందరికి కంటి చూపు రుగ్మతలను తగ్గించడానికి ఎ విటమిన్‌ను తాగించాలని ప్రజలను కోరారు. ఇట్టి కార్యక్రమాన్ని చిన్న పిల్లల కంటిచూపును కాపాడే లక్ష్యంతో ప్రభుత్వ చేపట్టిందని దీన్ని విజయవంతం చేయాలని కోరారు. ఈ కార్యక్రమంలో సానిటరీ ఇన్‌స్పెక్టర్ వి.రాజయ్య, హెల్త్ సూపర్‌వైజర్ ధనుంజయ్, మున్సిపల్ సిబ్బంది, వైద్య సిబ్బంది, అంగన్‌వాడి సిబ్బంది పాల్గొన్నారు.

చలివేంద్రం ప్రారంభం

కోరుట్ల : మార్చి18 (జనంసాక్షి) పట్టణంలోని కోరుట్ల నర్సింగ్ హోమ్ ప్రక్కన సోమవారం తెలంగాణ టాటా ఏసి గూడ్స్ అసోసియేషన్ ఆధ్వర్యంలో కోరుట్ల సిఐ విజయ్‌కుమార్ చేతులమీదుగా చలివేంద్రాన్ని ప్రారంభించారు. ఈ సందర్భంగా పలువురు మాట్లాడుతూ యువకులు, పలు సంఘాల వారు సామాజిక కార్యక్రమాలను చేపట్టి ప్రజలకు తమ వంతు సహకారాన్ని అందించాలని పేర్కొన్నారు. కార్యక్రమంలో మున్సిపల్ కమీషనర్ యం.వెంకటేశం, డా॥ అనూప్‌రావు, తులసికృష్ణ, కట్కం ప్రవీణ్, రషీద్, యం.డి అజ్గర్ అలీ, అక్బర్, రావుఫ్, నదీమ్, ఖయ్యూం తదితరులు పాల్గొన్నారు.

జనంసాక్షి
తెలంగాణపై గొంతు కలపండి
నాలుగున్నర కోట్ల ప్రజల ఆకాంక్ష తెలంగాణ ప్రత్యేక రాష్ట్రం. సొంత రాష్ట్రం సాధించుకునేందుకు చేస్తున్న పోరాటంలో ' జనంసాక్షి ' తనవంతు పాత్రను పోషిస్తుంది. ఉద్యమ బాటన నడుస్తున్న వారిని తనతో గొంతు కలపమంటోంది. ప్రస్తుతం తెలంగాణాపై వివిధ పార్టీల నాయకులు తమ తమ పోరాటాలు సాగిస్తున్నారు. వీరిలో కొందరు నిస్వార్థంగా పోరాడుతుంటే మరికొందరు వచ్చే ఎన్నికలను దృష్టిలో పెట్టుకొని మేమున్నామంటున్నారు. అలాంటి వారి చర్యలను ఎండగట్టండి. నిజాయితీగా పోరాడుతున్న వారికి అండగా నిలవండి. ఉద్యమాన్ని మరెన్నో రూపాల్లో విస్తరింపచేయాలో వివరించండి. తెలంగాణ వనరులు, నీళ్లు, నిధులు, ఉద్యోగాలు ఎలా దోపిడీ అవుతున్నాయో గొంతెత్తి చెప్పండి. మీ స్పందనను లేఖలు, కవితలు రూపంలో పంపండి.
మా చిరునామా
ఎడిటర్ జనంసాక్షి
ఓరియంటల్ బ్యాంక్ ఆఫ్ కామర్స్ పైన .
ముస్లిం ఎడ్యుకేషన్ సొసైటీ మొదటి అంతస్తు .
ఆర్అండ్‌బీ గెస్ట్‌హౌస్ పక్కన ముకరంపుర కరీంనగర్
